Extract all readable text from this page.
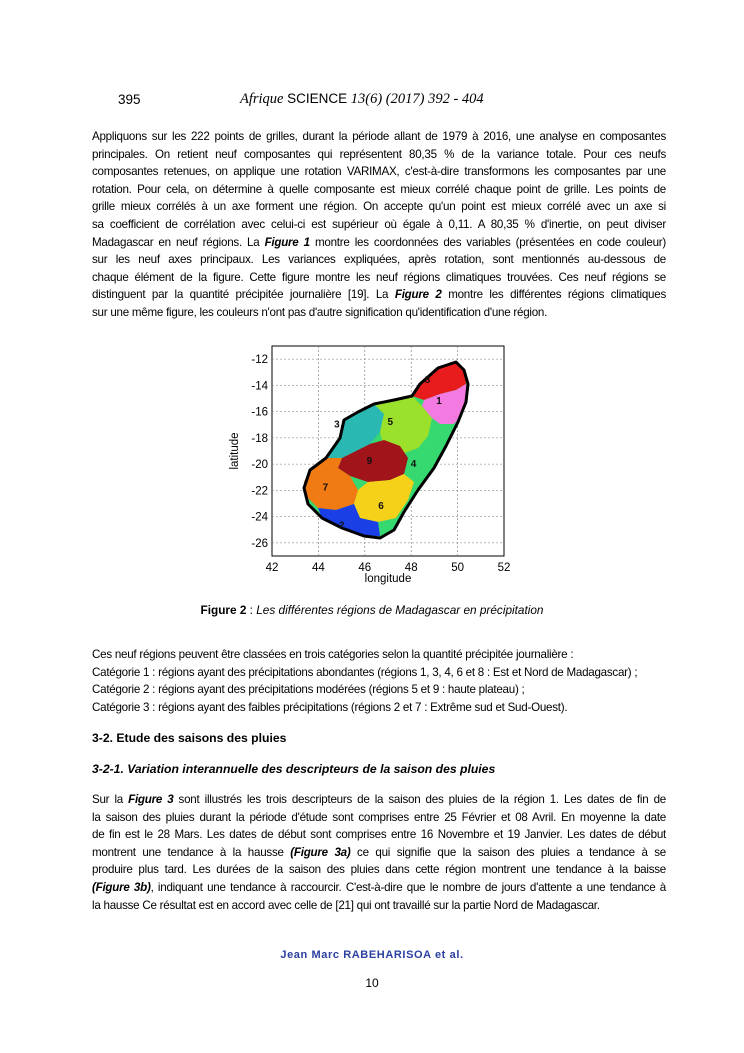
395	Afrique SCIENCE 13(6) (2017) 392 - 404
Appliquons sur les 222 points de grilles, durant la période allant de 1979 à 2016, une analyse en composantes
principales. On retient neuf composantes qui représentent 80,35 % de la variance totale. Pour ces neufs
composantes retenues, on applique une rotation VARIMAX, c'est-à-dire transformons les composantes par une
rotation. Pour cela, on détermine à quelle composante est mieux corrélé chaque point de grille. Les points de
grille mieux corrélés à un axe forment une région. On accepte qu'un point est mieux corrélé avec un axe si
sa coefficient de corrélation avec celui-ci est supérieur où égale à 0,11. A 80,35 % d'inertie, on peut diviser
Madagascar en neuf régions. La Figure 1 montre les coordonnées des variables (présentées en code couleur)
sur les neuf axes principaux. Les variances expliquées, après rotation, sont mentionnés au-dessous de
chaque élément de la figure. Cette figure montre les neuf régions climatiques trouvées. Ces neuf régions se
distinguent par la quantité précipitée journalière [19]. La Figure 2 montre les différentes régions climatiques
sur une même figure, les couleurs n'ont pas d'autre signification qu'identification d'une région.
1
2
3
4
5
6
7
8
9
42	44	46	48	50	52
-12
-14
-16
-18
-20
-22
-24
-26
longitude
latitude
Figure 2 : Les différentes régions de Madagascar en précipitation
Ces neuf régions peuvent être classées en trois catégories selon la quantité précipitée journalière :
Catégorie 1 : régions ayant des précipitations abondantes (régions 1, 3, 4, 6 et 8 : Est et Nord de Madagascar) ;
Catégorie 2 : régions ayant des précipitations modérées (régions 5 et 9 : haute plateau) ;
Catégorie 3 : régions ayant des faibles précipitations (régions 2 et 7 : Extrême sud et Sud-Ouest).
3-2. Etude des saisons des pluies
3-2-1. Variation interannuelle des descripteurs de la saison des pluies
Sur la Figure 3 sont illustrés les trois descripteurs de la saison des pluies de la région 1. Les dates de fin de
la saison des pluies durant la période d'étude sont comprises entre 25 Février et 08 Avril. En moyenne la date
de fin est le 28 Mars. Les dates de début sont comprises entre 16 Novembre et 19 Janvier. Les dates de début
montrent une tendance à la hausse (Figure 3a) ce qui signifie que la saison des pluies a tendance à se
produire plus tard. Les durées de la saison des pluies dans cette région montrent une tendance à la baisse
(Figure 3b), indiquant une tendance à raccourcir. C'est-à-dire que le nombre de jours d'attente a une tendance à
la hausse Ce résultat est en accord avec celle de [21] qui ont travaillé sur la partie Nord de Madagascar.
Jean Marc RABEHARISOA et al.
10
